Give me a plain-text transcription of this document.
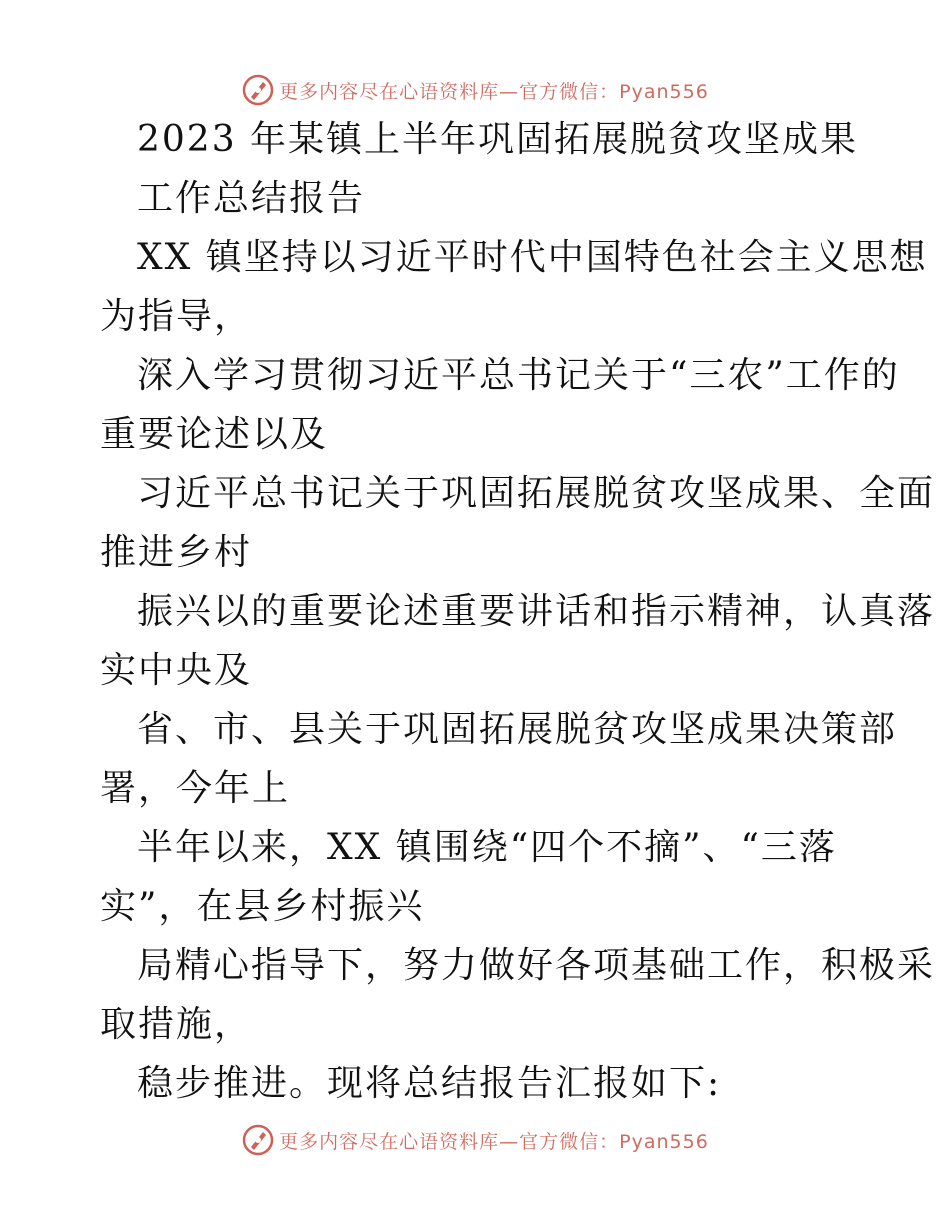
更多内容尽在心语资料库—官方微信：Pyan556
2023 年某镇上半年巩固拓展脱贫攻坚成果
工作总结报告
XX 镇坚持以习近平时代中国特色社会主义思想
为指导，
深入学习贯彻习近平总书记关于“三农”工作的
重要论述以及
习近平总书记关于巩固拓展脱贫攻坚成果、全面
推进乡村
振兴以的重要论述重要讲话和指示精神，认真落
实中央及
省、市、县关于巩固拓展脱贫攻坚成果决策部
署，今年上
半年以来，XX 镇围绕“四个不摘”、“三落
实”，在县乡村振兴
局精心指导下，努力做好各项基础工作，积极采
取措施，
稳步推进。现将总结报告汇报如下:
更多内容尽在心语资料库—官方微信：Pyan556
